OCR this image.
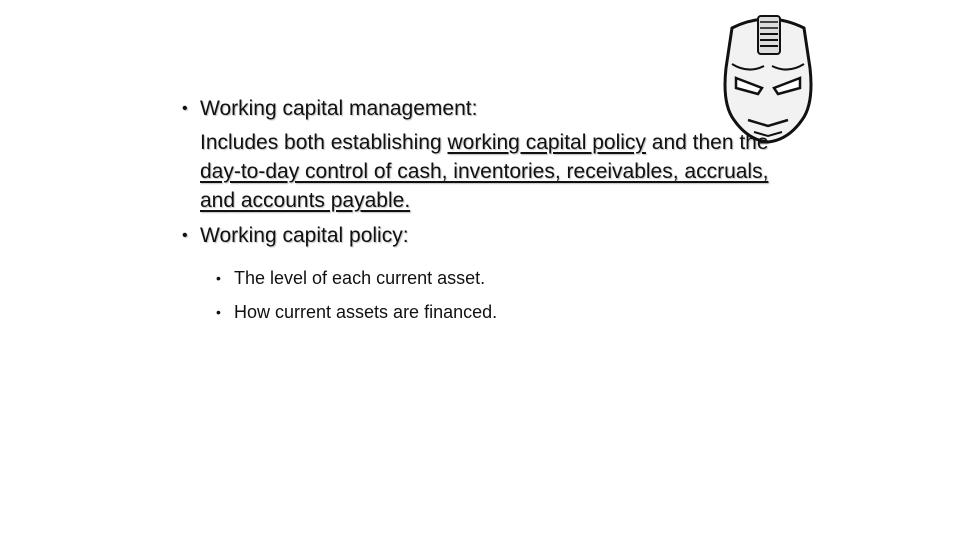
• Working capital management:
Includes both establishing working capital policy and then the day-to-day control of cash, inventories, receivables, accruals, and accounts payable.
• Working capital policy:
• The level of each current asset.
• How current assets are financed.
